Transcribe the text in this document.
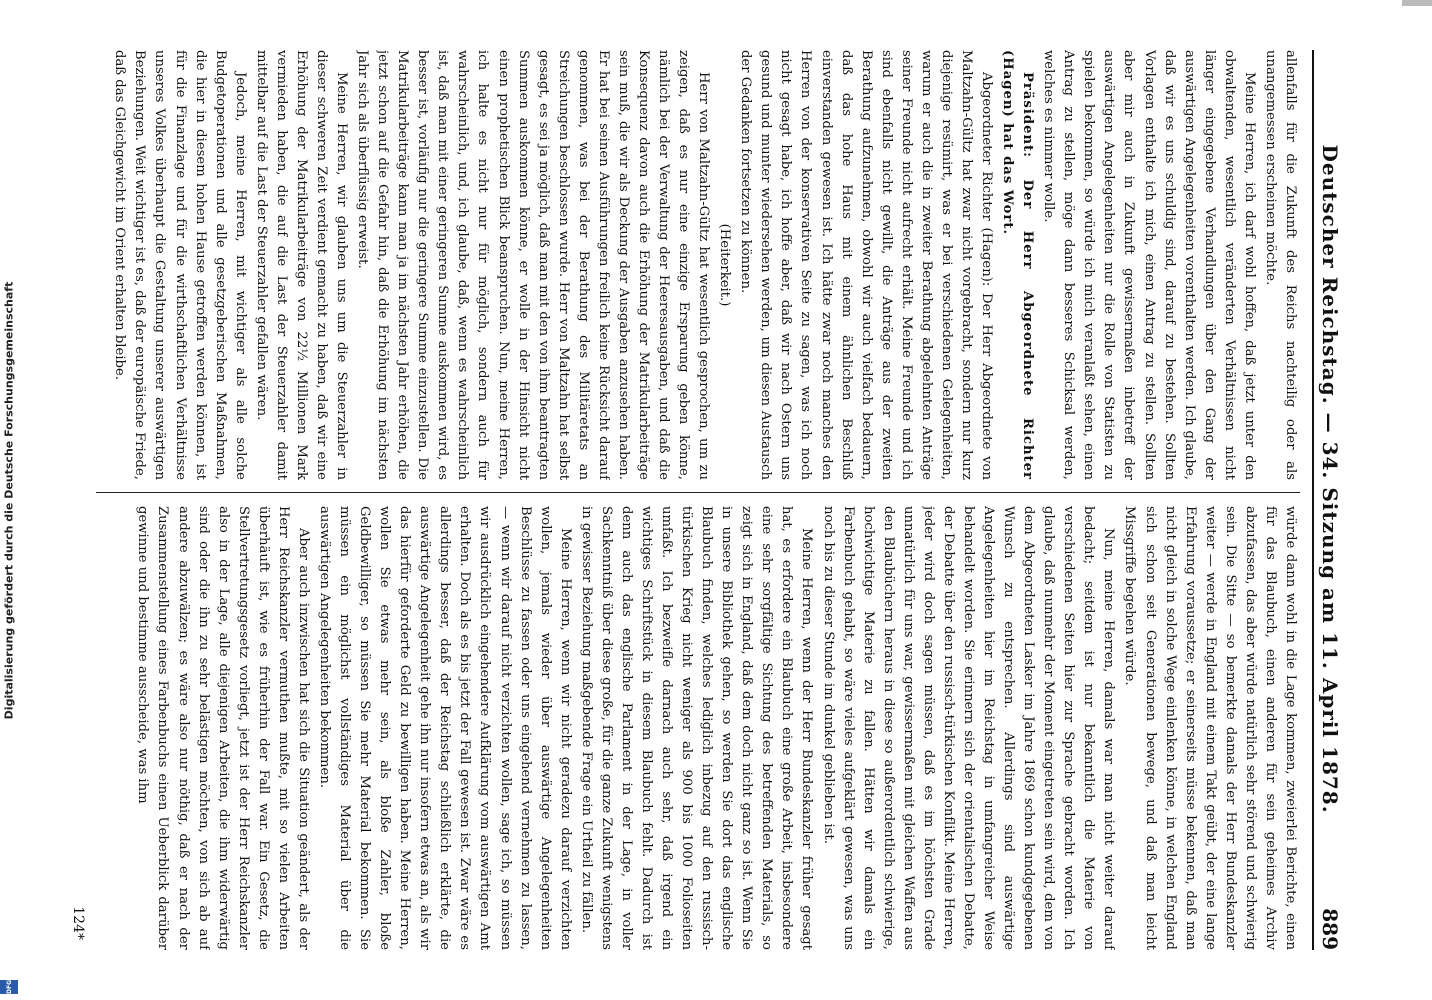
Deutscher Reichstag. — 34. Sitzung am 11. April 1878.
889

allenfalls für die Zukunft des Reichs nachteilig oder als unangemessen erscheinen möchte.

Meine Herren, ich darf wohl hoffen, daß jetzt unter den obwaltenden, wesentlich veränderten Verhältnissen nicht länger eingegebene Verhandlungen über den Gang der auswärtigen Angelegenheiten vorenthalten werden. Ich glaube, daß wir es uns schuldig sind, darauf zu bestehen. Sollten Vorlagen enthalte ich mich, einen Antrag zu stellen. Sollten aber mir auch in Zukunft gewissermaßen inbetreff der auswärtigen Angelegenheiten nur die Rolle von Statisten zu spielen bekommen, so würde ich mich veranlaßt sehen, einen Antrag zu stellen, möge dann besseres Schicksal werden, welches es nimmer wolle.

Präsident: Der Herr Abgeordnete Richter (Hagen) hat das Wort.

Abgeordneter Richter (Hagen): Der Herr Abgeordnete von Maltzahn-Gültz hat zwar nicht vorgebracht, sondern nur kurz diejenige resümirt, was er bei verschiedenen Gelegenheiten, warum er auch die in zweiter Berathung abgelehnten Anträge seiner Freunde nicht aufrecht erhält. Meine Freunde und ich sind ebenfalls nicht gewillt, die Anträge aus der zweiten Berathung aufzunehmen, obwohl wir auch vielfach bedauern, daß das hohe Haus mit einem ähnlichen Beschluß einverstanden gewesen ist. Ich hätte zwar noch manches den Herren von der konservativen Seite zu sagen, was ich noch nicht gesagt habe, ich hoffe aber, daß wir nach Ostern uns gesund und munter wiedersehen werden, um diesen Austausch der Gedanken fortsetzen zu können.

(Heiterkeit.)

Herr von Maltzahn-Gültz hat wesentlich gesprochen, um zu zeigen, daß es nur eine einzige Ersparung geben könne, nämlich bei der Verwaltung der Heeresausgaben, und daß die Konsequenz davon auch die Erhöhung der Matrikularbeiträge sein muß, die wir als Deckung der Ausgaben anzusehen haben. Er hat bei seinen Ausführungen freilich keine Rücksicht darauf genommen, was bei der Berathung des Militäretats an Streichungen beschlossen wurde. Herr von Maltzahn hat selbst gesagt, es sei ja möglich, daß man mit den von ihm beantragten Summen auskommen könne, er wolle in der Hinsicht nicht einen prophetischen Blick beanspruchen. Nun, meine Herren, ich halte es nicht nur für möglich, sondern auch für wahrscheinlich, und, ich glaube, daß, wenn es wahrscheinlich ist, daß man mit einer geringeren Summe auskommen wird, es besser ist, vorläufig nur die geringere Summe einzustellen. Die Matrikularbeiträge kann man ja im nächsten Jahr erhöhen, die jetzt schon auf die Gefahr hin, daß die Erhöhung im nächsten Jahr sich als überflüssig erweist.

Meine Herren, wir glauben uns um die Steuerzahler in dieser schweren Zeit verdient gemacht zu haben, daß wir eine Erhöhung der Matrikularbeiträge von 22½ Millionen Mark vermieden haben, die auf die Last der Steuerzahler damit mittelbar auf die Last der Steuerzahler gefallen wären.

Jedoch, meine Herren, mit wichtiger als alle solche Budgetoperationen und alle gesetzgeberischen Maßnahmen, die hier in diesem hohen Hause getroffen werden können, ist für die Finanzlage und für die wirthschaftlichen Verhältnisse unseres Volkes überhaupt die Gestaltung unserer auswärtigen Beziehungen. Weit wichtiger ist es, daß der europäische Friede, daß das Gleichgewicht im Orient erhalten bleibe.

würde dann wohl in die Lage kommen, zweierlei Berichte, einen für das Blaubuch, einen anderen für sein geheimes Archiv abzufassen, das aber würde natürlich sehr störend und schwierig sein. Die Sitte — so bemerkte damals der Herr Bundeskanzler weiter — werde in England mit einem Takt geübt, der eine lange Erfahrung voraussetze; er seinerseits müsse bekennen, daß man nicht gleich in solche Wege einlenken könne, in welchen England sich schon seit Generationen bewege, und daß man leicht Missgriffe begehen würde.

Nun, meine Herren, damals war man nicht weiter darauf bedacht; seitdem ist nur bekanntlich die Materie von verschiedenen Seiten hier zur Sprache gebracht worden. Ich glaube, daß nunmehr der Moment eingetreten sein wird, dem von dem Abgeordneten Lasker im Jahre 1869 schon kundgegebenen Wunsch zu entsprechen. Allerdings sind auswärtige Angelegenheiten hier im Reichstag in umfangreicher Weise behandelt worden. Sie erinnern sich der orientalischen Debatte, der Debatte über den russisch-türkischen Konflikt. Meine Herren, jeder wird doch sagen müssen, daß es im höchsten Grade unnatürlich für uns war, gewissermaßen mit gleichen Waffen aus den Blaubüchern heraus in diese so außerordentlich schwierige, hochwichtige Materie zu fallen. Hätten wir damals ein Farbenbuch gehabt, so wäre vieles aufgeklärt gewesen, was uns noch bis zu dieser Stunde im dunkel geblieben ist.

Meine Herren, wenn der Herr Bundeskanzler früher gesagt hat, es erfordere ein Blaubuch eine große Arbeit, insbesondere eine sehr sorgfältige Sichtung des betreffenden Materials, so zeigt sich in England, daß dem doch nicht ganz so ist. Wenn Sie in unsere Bibliothek gehen, so werden Sie dort das englische Blaubuch finden, welches lediglich inbezug auf den russisch-türkischen Krieg nicht weniger als 900 bis 1000 Folioseiten umfaßt. Ich bezweifle darnach auch sehr, daß irgend ein wichtiges Schriftstück in diesem Blaubuch fehlt. Dadurch ist denn auch das englische Parlament in der Lage, in voller Sachkenntniß über diese große, für die ganze Zukunft wenigstens in gewisser Beziehung maßgebende Frage ein Urtheil zu fällen.

Meine Herren, wenn wir nicht geradezu darauf verzichten wollen, jemals wieder über auswärtige Angelegenheiten Beschlüsse zu fassen oder uns eingehend vernehmen zu lassen, — wenn wir darauf nicht verzichten wollen, sage ich, so müssen wir ausdrücklich eingehendere Aufklärung vom auswärtigen Amt erhalten. Doch als es bis jetzt der Fall gewesen ist. Zwar wäre es allerdings besser, daß der Reichstag schließlich erklärte, die auswärtige Angelegenheit gehe ihn nur insofern etwas an, als wir das hierfür geforderte Geld zu bewilligen haben. Meine Herren, wollen Sie etwas mehr sein, als bloße Zahler, bloße Geldbewilliger, so müssen Sie mehr Material bekommen. Sie müssen ein möglichst vollständiges Material über die auswärtigen Angelegenheiten bekommen.

Aber auch inzwischen hat sich die Situation geändert, als der Herr Reichskanzler vermuthen mußte, mit so vielen Arbeiten überhäuft ist, wie es früherhin der Fall war. Ein Gesetz, die Stellvertretungsgesetz vorliegt, jetzt ist der Herr Reichskanzler also in der Lage, alle diejenigen Arbeiten, die ihm widerwärtig sind oder die ihn zu sehr belästigen möchten, von sich ab auf andere abzuwälzen; es wäre also nur nöthig, daß er nach der Zusammenstellung eines Farbenbuchs einen Ueberblick darüber gewinne und bestimme ausscheide, was ihm

124*
Digitalisierung gefördert durch die Deutsche Forschungsgemeinschaft
DFG
